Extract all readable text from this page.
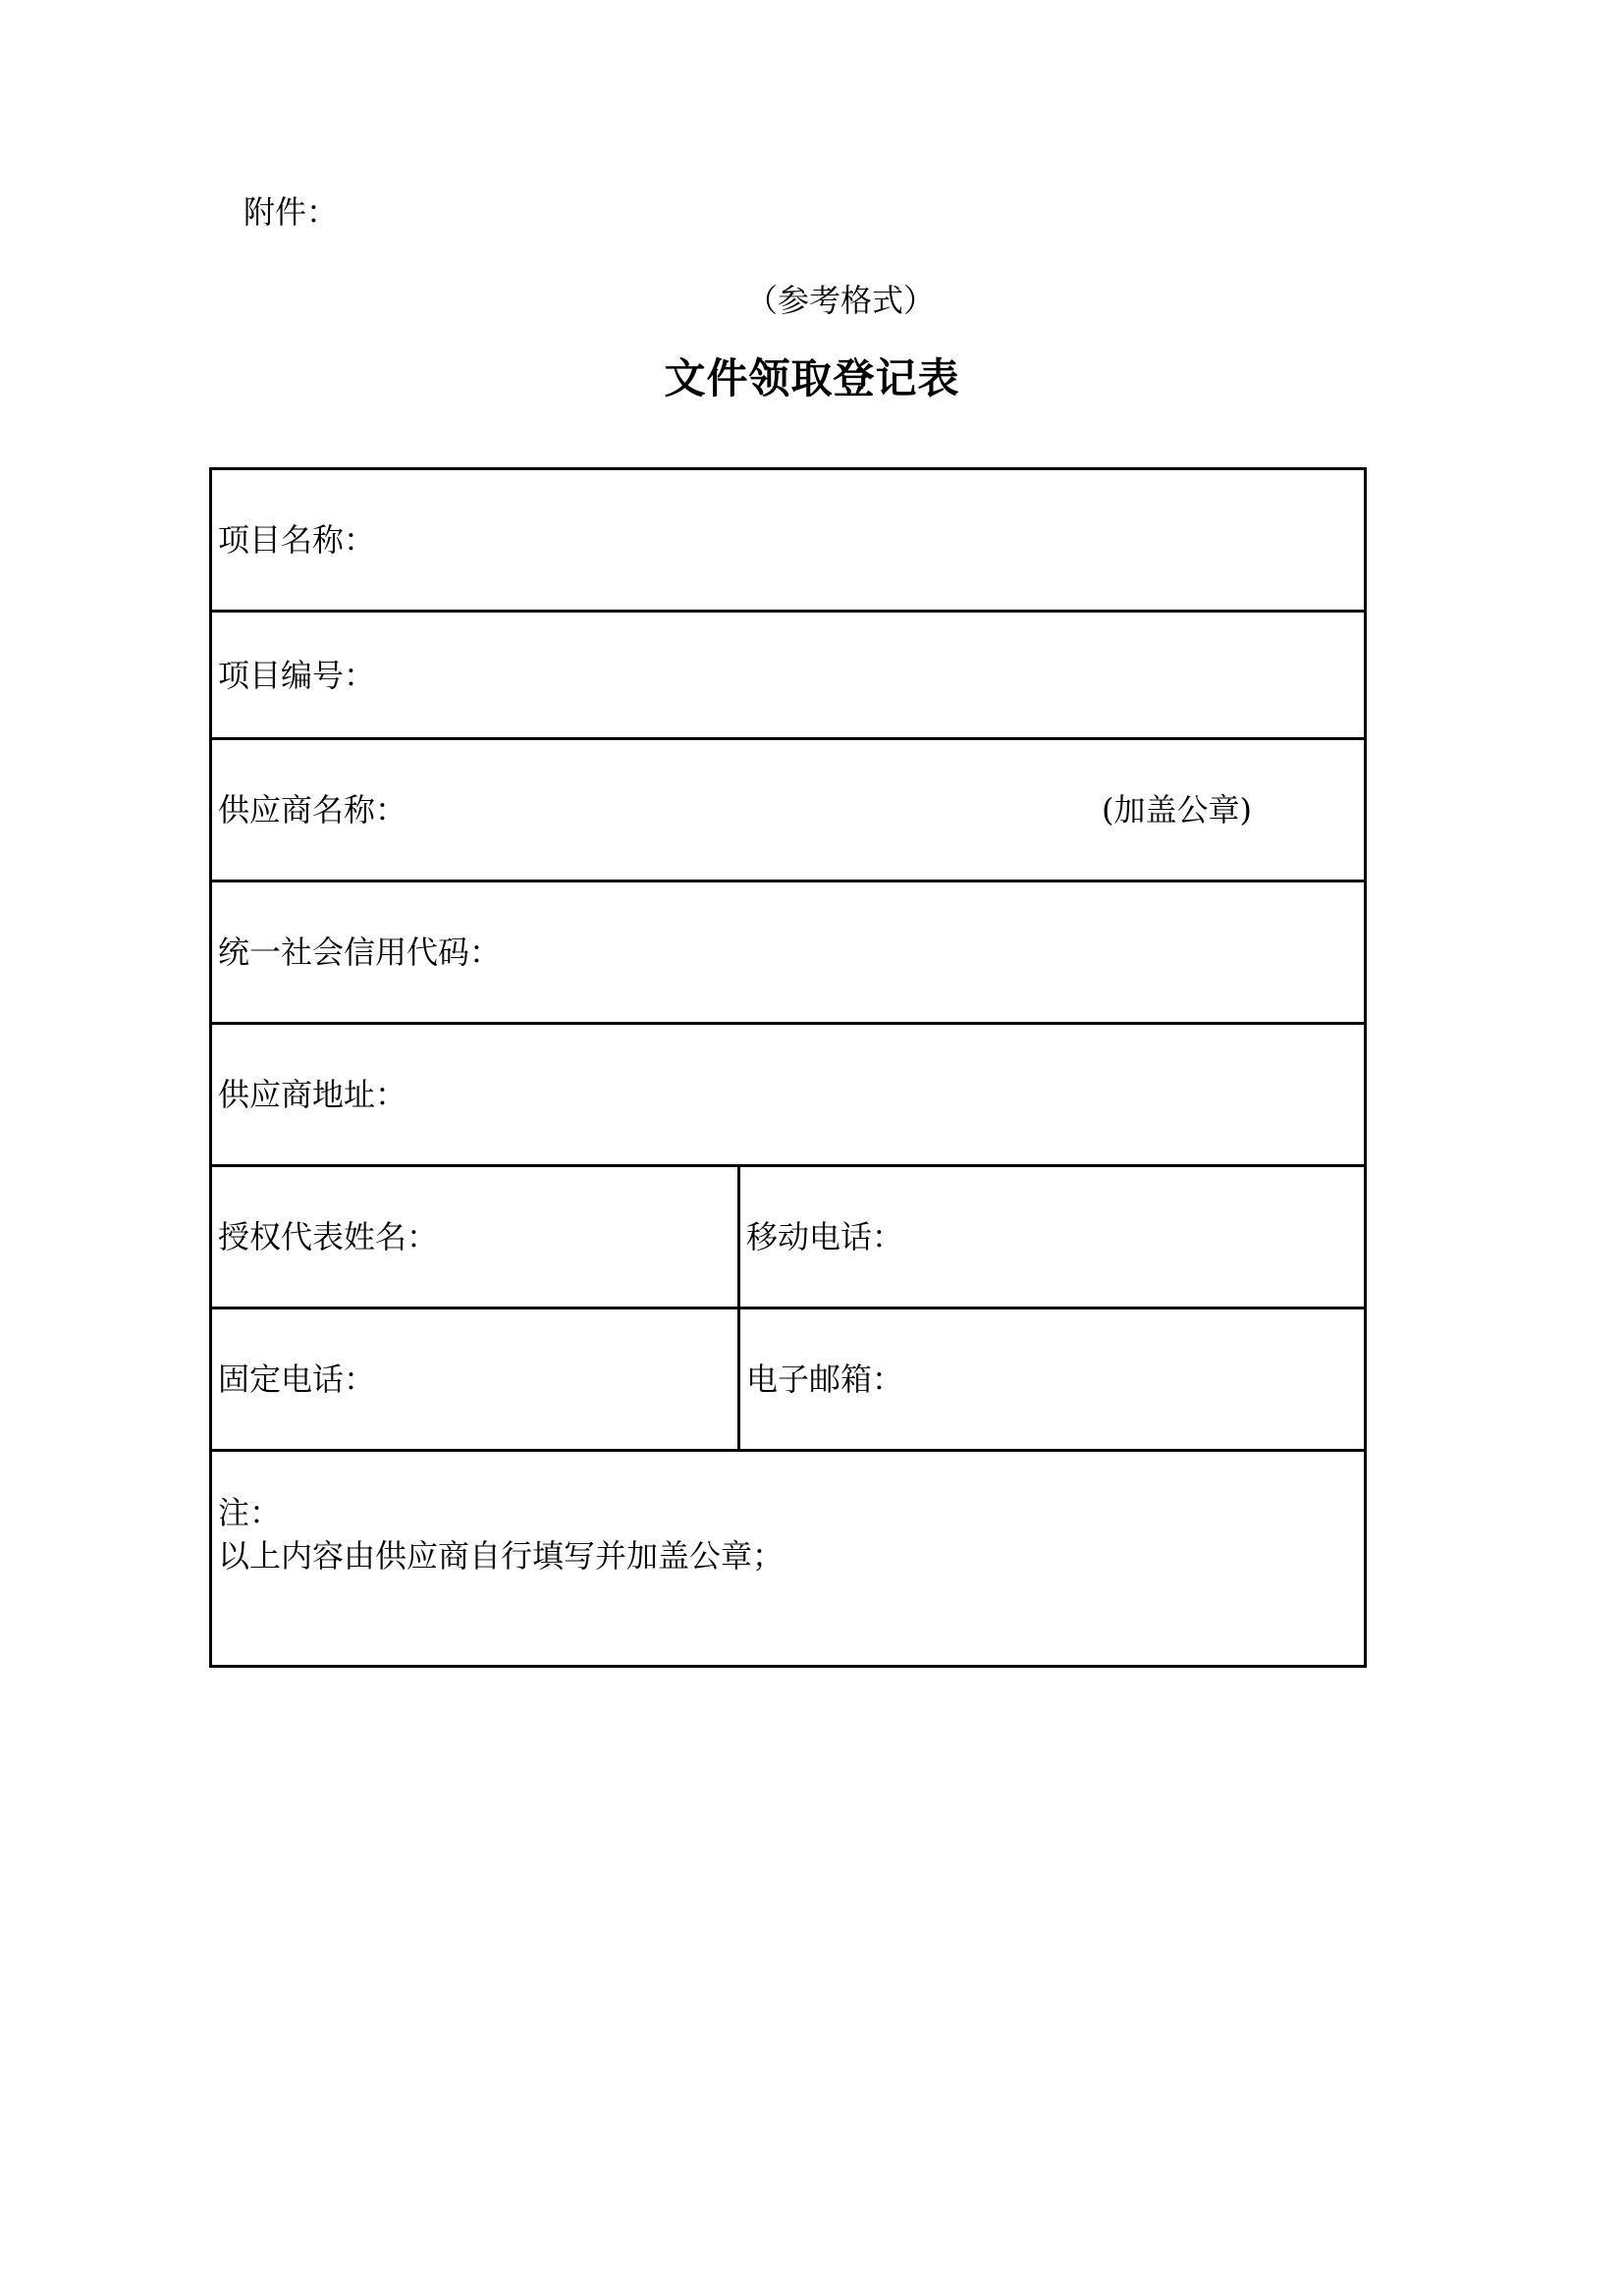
附件：
（参考格式）
文件领取登记表
项目名称：	

项目编号：	

供应商名称： (加盖公章)	

统一社会信用代码：	

供应商地址：	

授权代表姓名：	移动电话：

固定电话：	电子邮箱：

注：
以上内容由供应商自行填写并加盖公章；	
